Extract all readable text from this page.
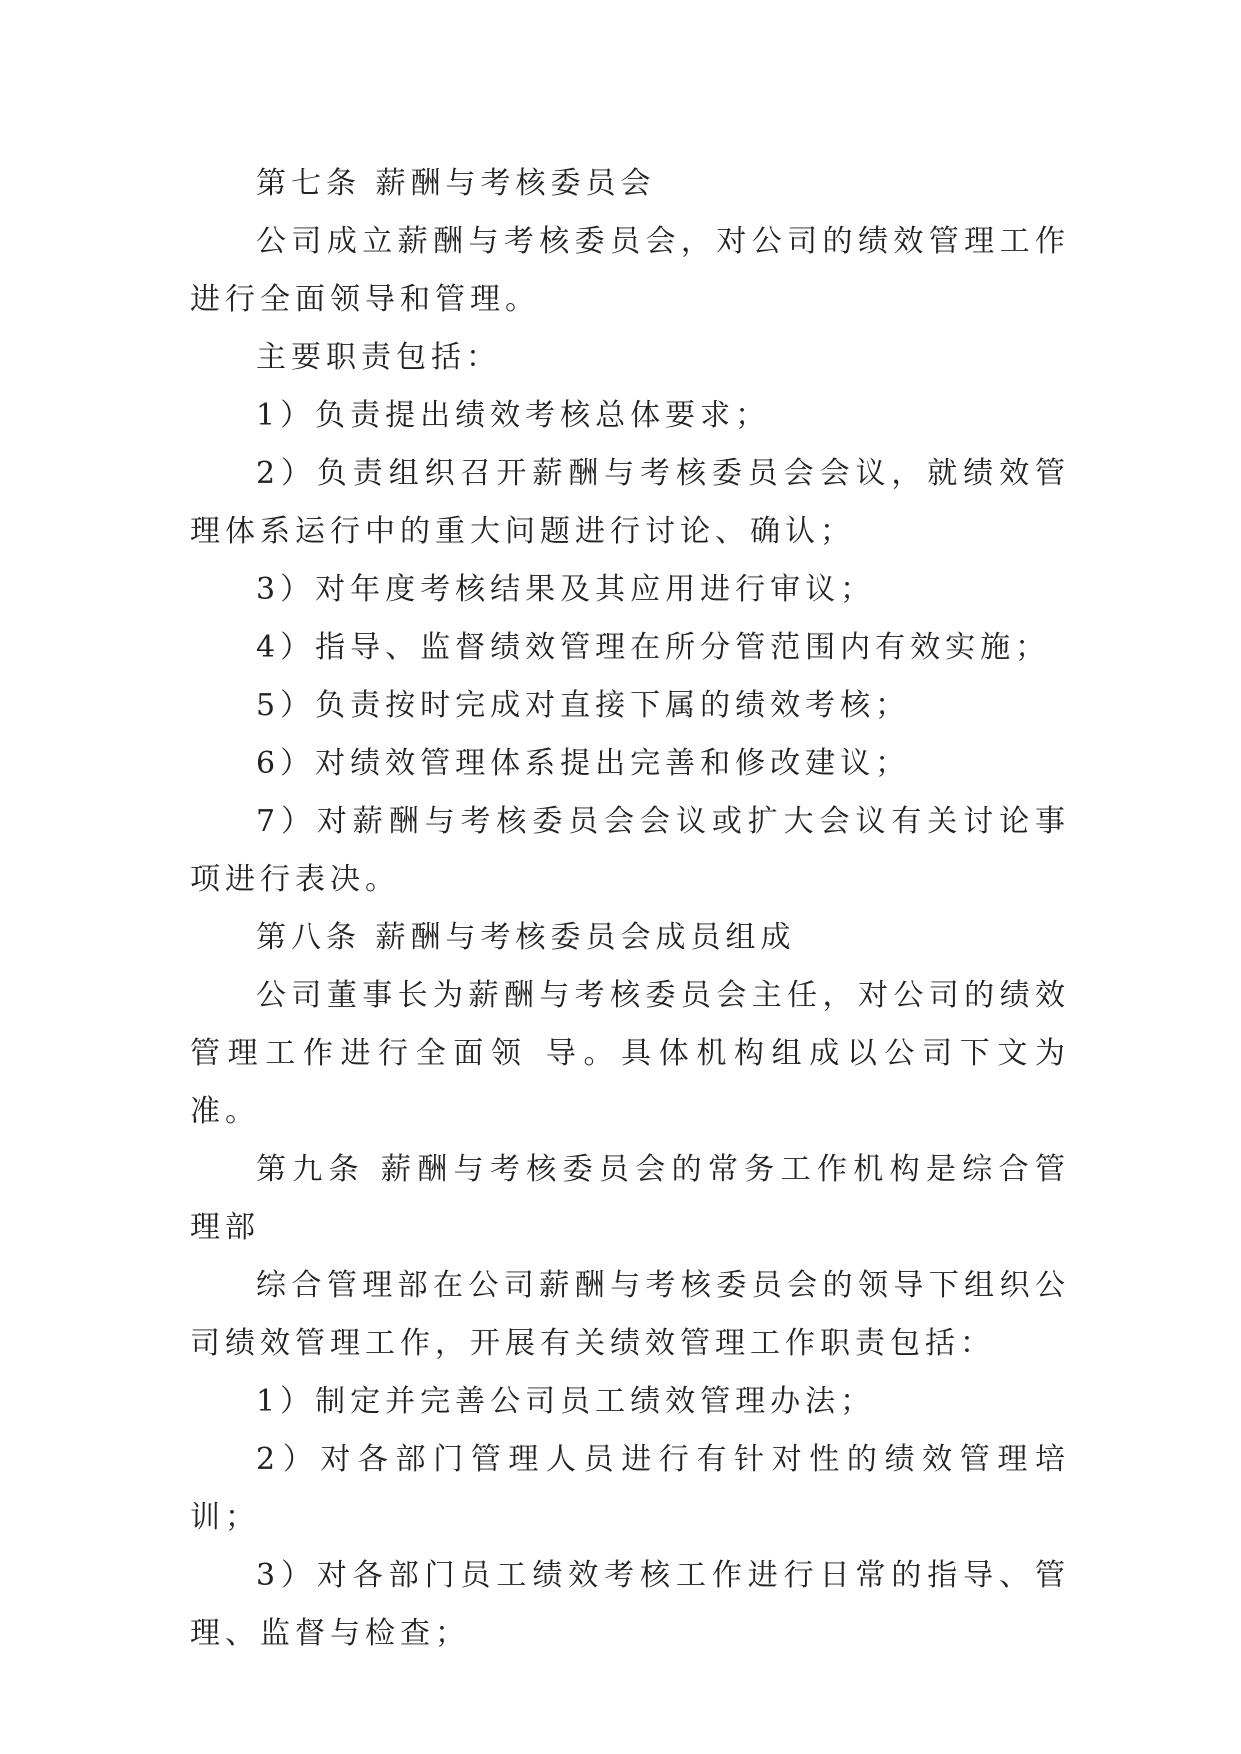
第七条 薪酬与考核委员会

公司成立薪酬与考核委员会，对公司的绩效管理工作进行全面领导和管理。

主要职责包括：

1）负责提出绩效考核总体要求；

2）负责组织召开薪酬与考核委员会会议，就绩效管理体系运行中的重大问题进行讨论、确认；

3）对年度考核结果及其应用进行审议；

4）指导、监督绩效管理在所分管范围内有效实施；

5）负责按时完成对直接下属的绩效考核；

6）对绩效管理体系提出完善和修改建议；

7）对薪酬与考核委员会会议或扩大会议有关讨论事项进行表决。

第八条 薪酬与考核委员会成员组成

公司董事长为薪酬与考核委员会主任，对公司的绩效管理工作进行全面领 导。具体机构组成以公司下文为准。

第九条 薪酬与考核委员会的常务工作机构是综合管理部

综合管理部在公司薪酬与考核委员会的领导下组织公司绩效管理工作，开展有关绩效管理工作职责包括：

1）制定并完善公司员工绩效管理办法；

2）对各部门管理人员进行有针对性的绩效管理培训；

3）对各部门员工绩效考核工作进行日常的指导、管理、监督与检查；
